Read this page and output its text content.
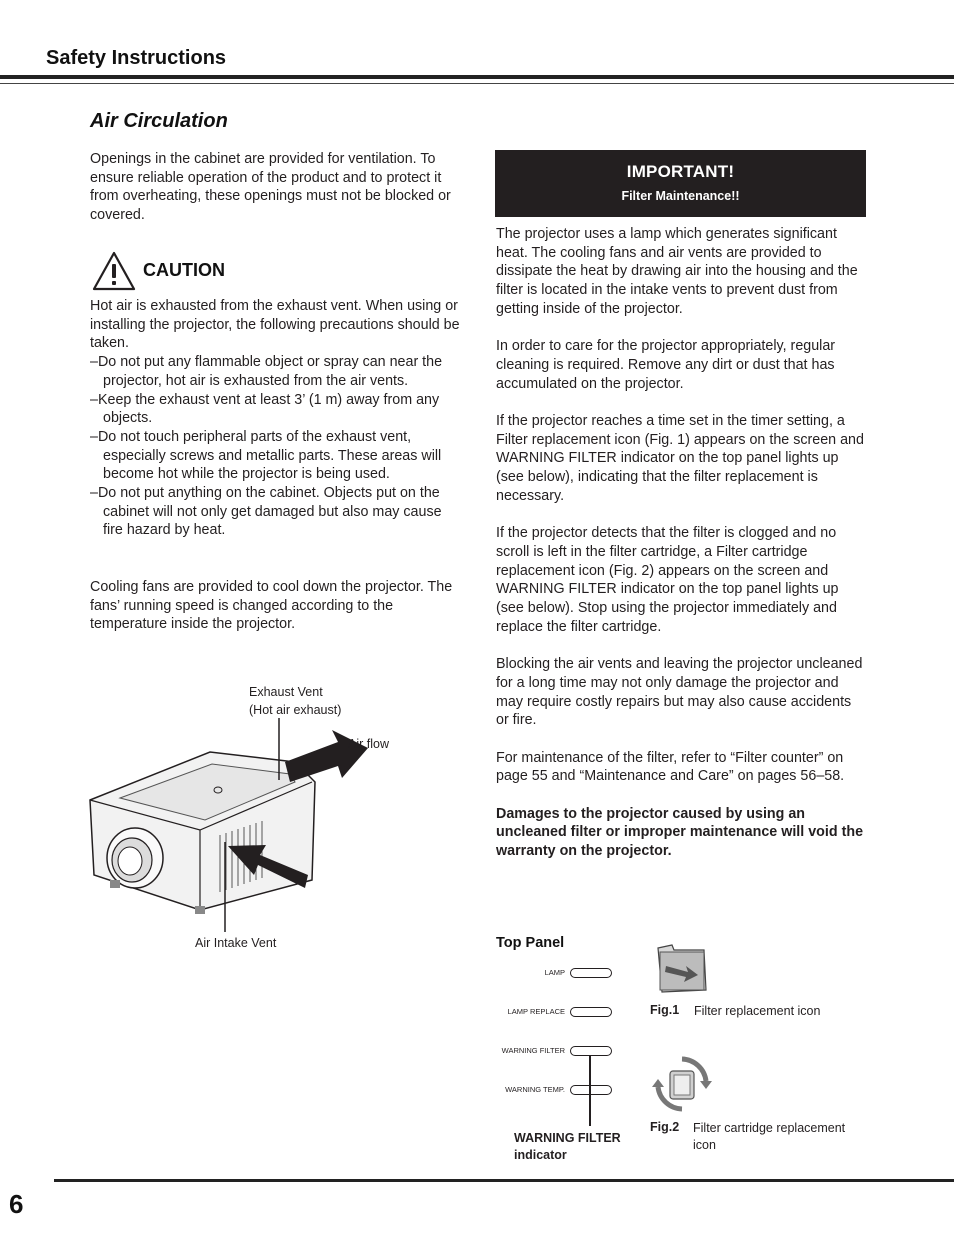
Safety Instructions
Air Circulation

Openings in the cabinet are provided for ventilation. To ensure reliable operation of the product and to protect it from overheating, these openings must not be blocked or covered.

CAUTION
Hot air is exhausted from the exhaust vent. When using or installing the projector, the following precautions should be taken.
–Do not put any flammable object or spray can near the projector, hot air is exhausted from the air vents.
–Keep the exhaust vent at least 3’ (1 m) away from any objects.
–Do not touch peripheral parts of the exhaust vent, especially screws and metallic parts. These areas will become hot while the projector is being used.
–Do not put anything on the cabinet. Objects put on the cabinet will not only get damaged but also may cause fire hazard by heat.

Cooling fans are provided to cool down the projector. The fans’ running speed is changed according to the temperature inside the projector.

Exhaust Vent
(Hot air exhaust)
Air flow
Air Intake Vent
IMPORTANT!
Filter Maintenance!!

The projector uses a lamp which generates significant heat. The cooling fans and air vents are provided to dissipate the heat by drawing air into the housing and the filter is located in the intake vents to prevent dust from getting inside of the projector.

In order to care for the projector appropriately, regular cleaning is required. Remove any dirt or dust that has accumulated on the projector.

If the projector reaches a time set in the timer setting, a Filter replacement icon (Fig. 1) appears on the screen and WARNING FILTER indicator on the top panel lights up (see below), indicating that the filter replacement is necessary.

If the projector detects that the filter is clogged and no scroll is left in the filter cartridge, a Filter cartridge replacement icon (Fig. 2) appears on the screen and WARNING FILTER indicator on the top panel lights up (see below). Stop using the projector immediately and replace the filter cartridge.

Blocking the air vents and leaving the projector uncleaned for a long time may not only damage the projector and may require costly repairs but may also cause accidents or fire.

For maintenance of the filter, refer to “Filter counter” on page 55 and “Maintenance and Care” on pages 56–58.

Damages to the projector caused by using an uncleaned filter or improper maintenance will void the warranty on the projector.

Top Panel
LAMP
LAMP REPLACE
WARNING FILTER
WARNING TEMP.
WARNING FILTER
indicator
Fig.1 Filter replacement icon
Fig.2 Filter cartridge replacement
icon
6
